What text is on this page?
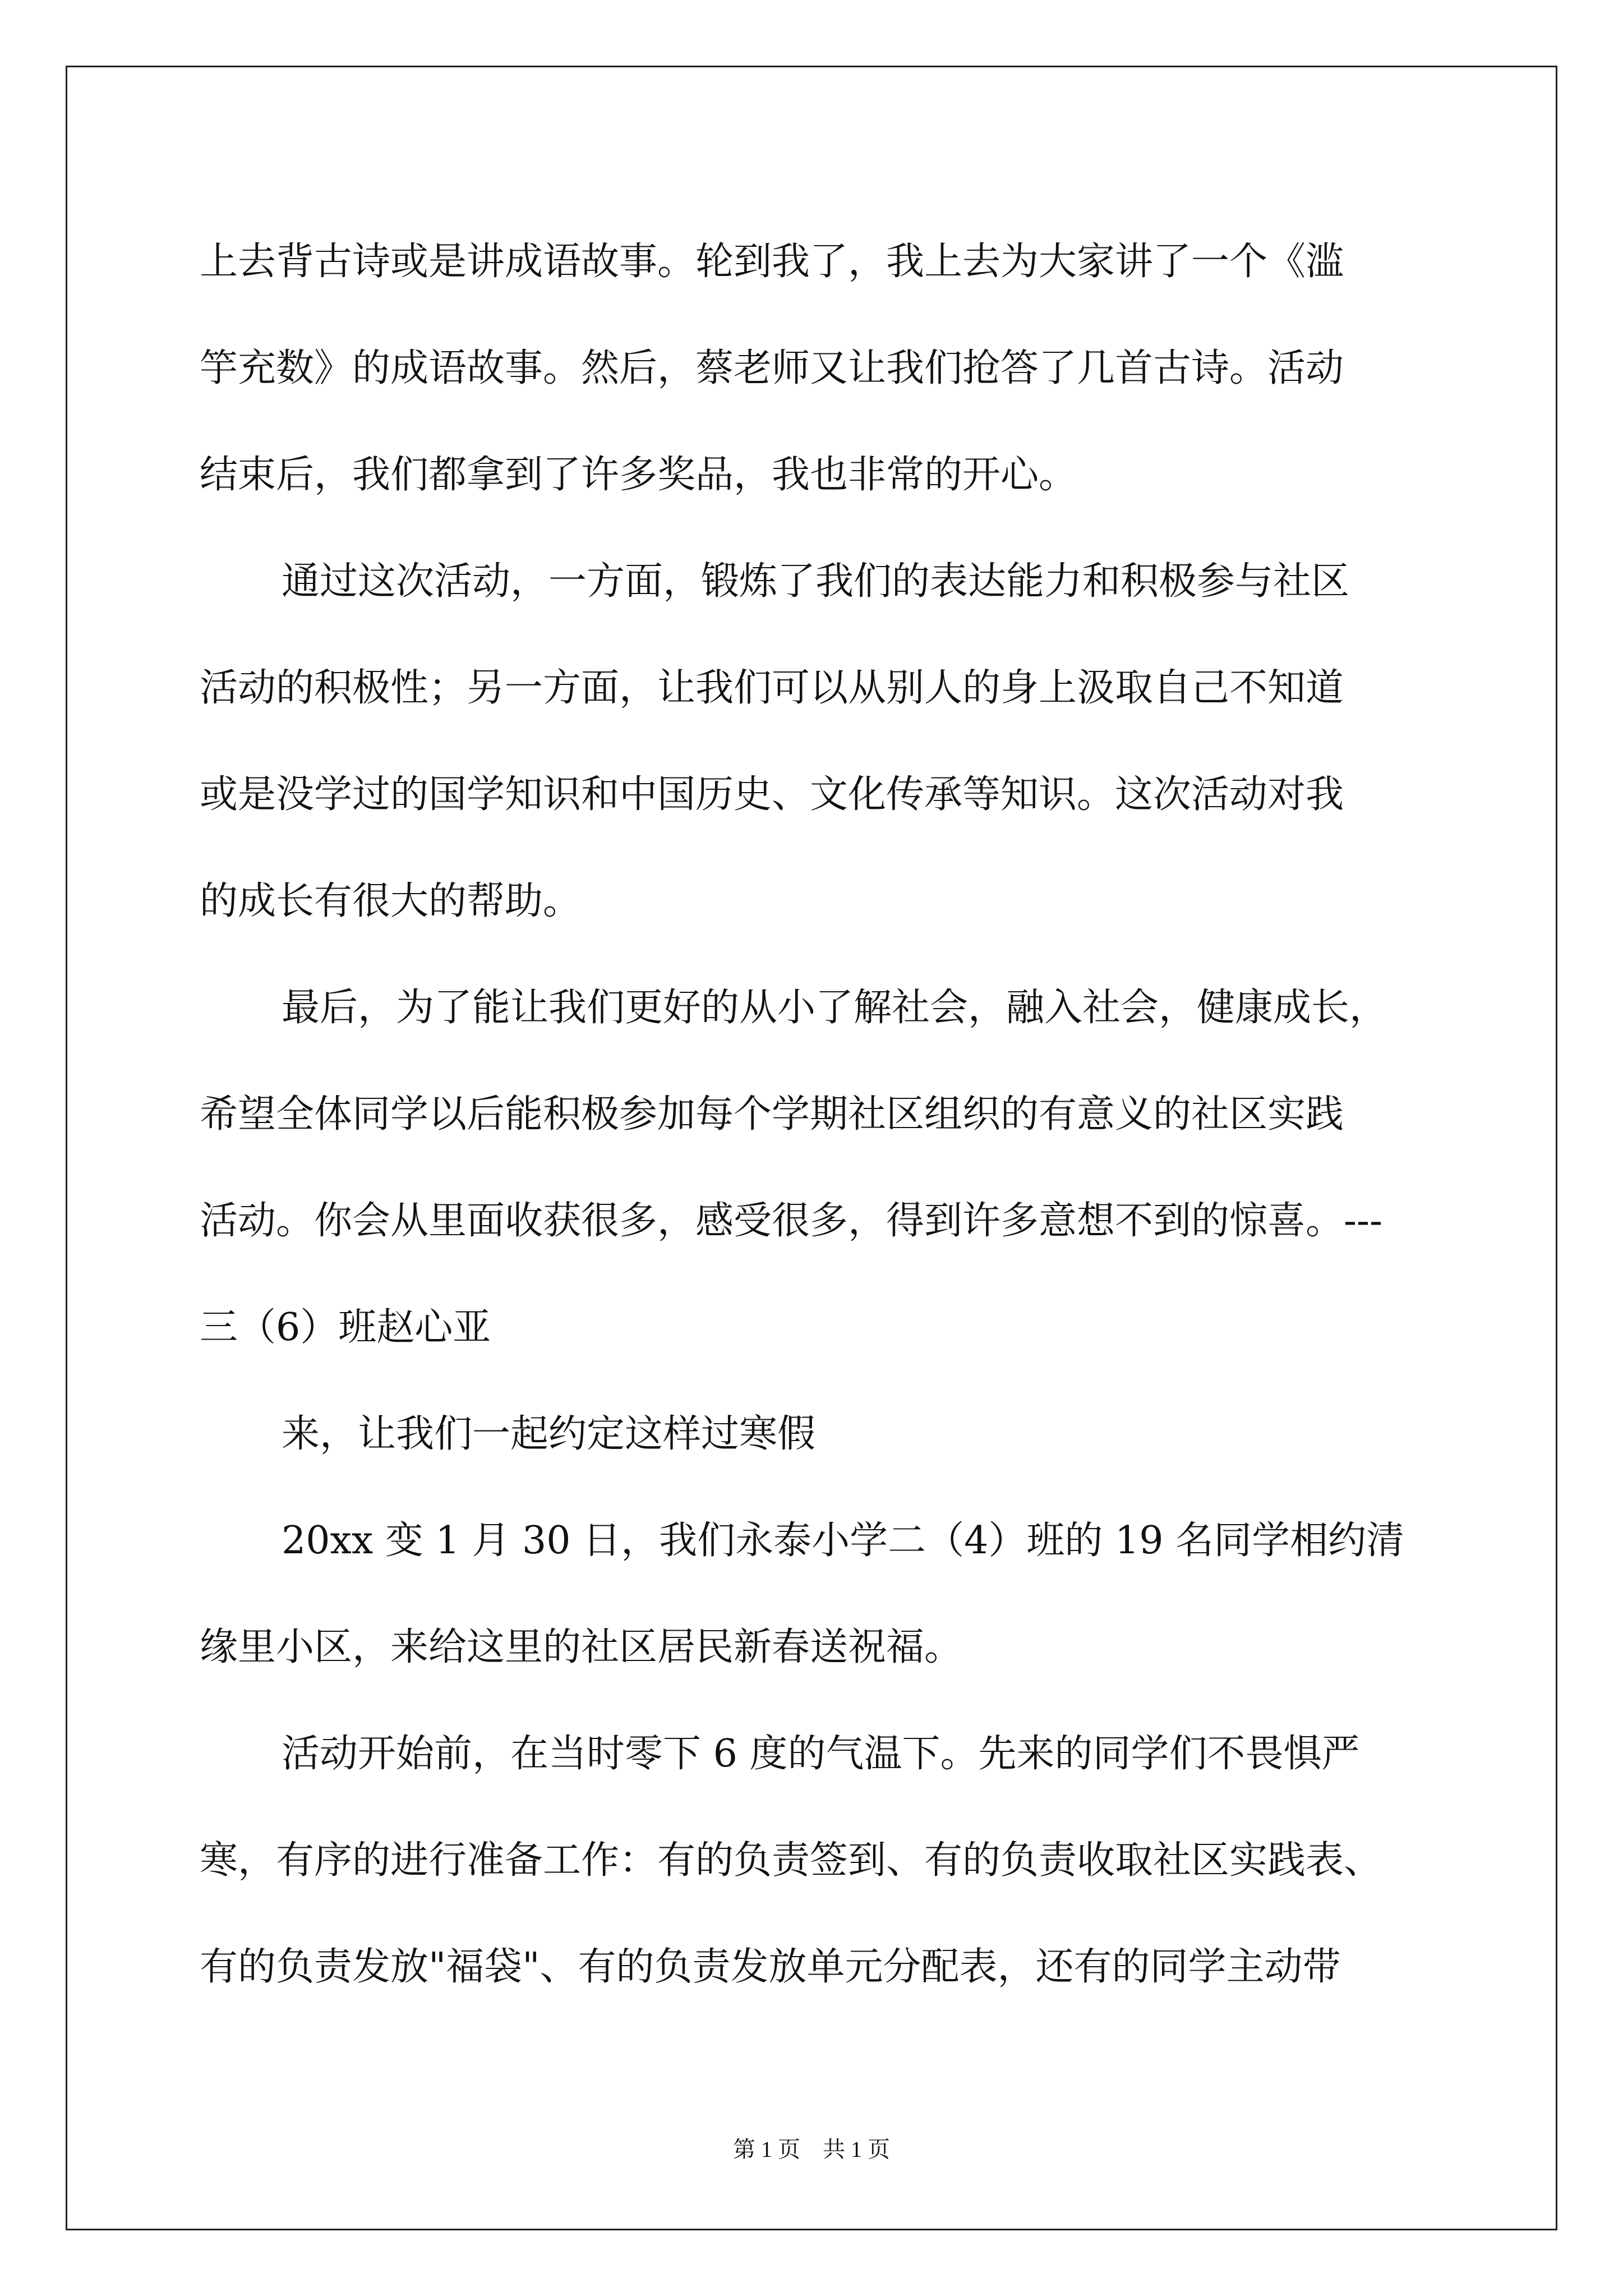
上去背古诗或是讲成语故事。轮到我了，我上去为大家讲了一个《滥
竽充数》的成语故事。然后，蔡老师又让我们抢答了几首古诗。活动
结束后，我们都拿到了许多奖品，我也非常的开心。
通过这次活动，一方面，锻炼了我们的表达能力和积极参与社区
活动的积极性；另一方面，让我们可以从别人的身上汲取自己不知道
或是没学过的国学知识和中国历史、文化传承等知识。这次活动对我
的成长有很大的帮助。
最后，为了能让我们更好的从小了解社会，融入社会，健康成长，
希望全体同学以后能积极参加每个学期社区组织的有意义的社区实践
活动。你会从里面收获很多，感受很多，得到许多意想不到的惊喜。---
三（6）班赵心亚
来，让我们一起约定这样过寒假
20xx 变 1 月 30 日，我们永泰小学二（4）班的 19 名同学相约清
缘里小区，来给这里的社区居民新春送祝福。
活动开始前，在当时零下 6 度的气温下。先来的同学们不畏惧严
寒，有序的进行准备工作：有的负责签到、有的负责收取社区实践表、
有的负责发放"福袋"、有的负责发放单元分配表，还有的同学主动带
第 1 页　共 1 页
